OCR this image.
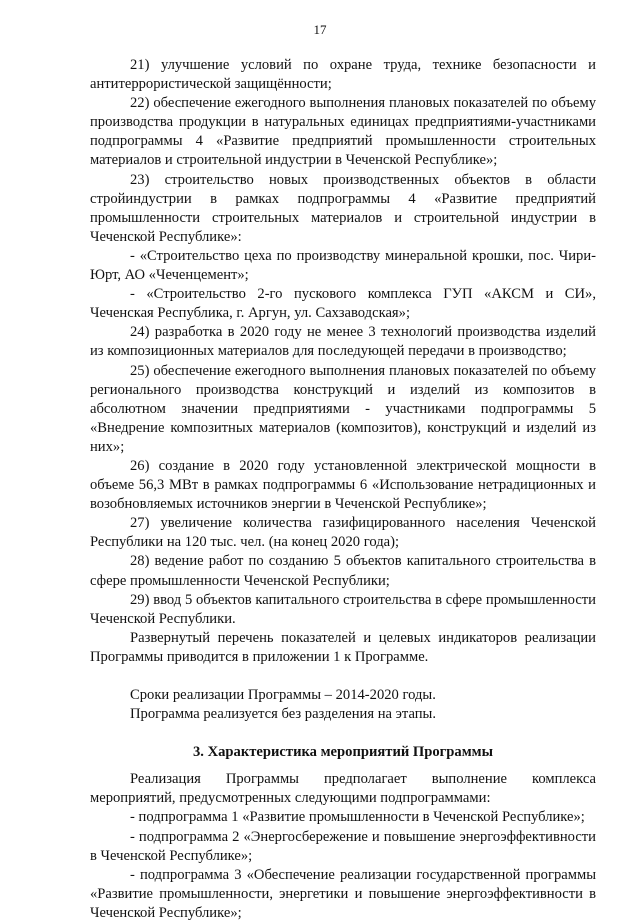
17

21) улучшение условий по охране труда, технике безопасности и антитеррористической защищённости;

22) обеспечение ежегодного выполнения плановых показателей по объему производства продукции в натуральных единицах предприятиями-участниками подпрограммы 4 «Развитие предприятий промышленности строительных материалов и строительной индустрии в Чеченской Республике»;

23) строительство новых производственных объектов в области стройиндустрии в рамках подпрограммы 4 «Развитие предприятий промышленности строительных материалов и строительной индустрии в Чеченской Республике»:

- «Строительство цеха по производству минеральной крошки, пос. Чири-Юрт, АО «Чеченцемент»;

- «Строительство 2-го пускового комплекса ГУП «АКСМ и СИ», Чеченская Республика, г. Аргун, ул. Сахзаводская»;

24) разработка в 2020 году не менее 3 технологий производства изделий из композиционных материалов для последующей передачи в производство;

25) обеспечение ежегодного выполнения плановых показателей по объему регионального производства конструкций и изделий из композитов в абсолютном значении предприятиями - участниками подпрограммы 5 «Внедрение композитных материалов (композитов), конструкций и изделий из них»;

26) создание в 2020 году установленной электрической мощности в объеме 56,3 МВт в рамках подпрограммы 6 «Использование нетрадиционных и возобновляемых источников энергии в Чеченской Республике»;

27) увеличение количества газифицированного населения Чеченской Республики на 120 тыс. чел. (на конец 2020 года);

28) ведение работ по созданию 5 объектов капитального строительства в сфере промышленности Чеченской Республики;

29) ввод 5 объектов капитального строительства в сфере промышленности Чеченской Республики.

Развернутый перечень показателей и целевых индикаторов реализации Программы приводится в приложении 1 к Программе.

Сроки реализации Программы – 2014-2020 годы.

Программа реализуется без разделения на этапы.

3. Характеристика мероприятий Программы

Реализация Программы предполагает выполнение комплекса мероприятий, предусмотренных следующими подпрограммами:

- подпрограмма 1 «Развитие промышленности в Чеченской Республике»;

- подпрограмма 2 «Энергосбережение и повышение энергоэффективности в Чеченской Республике»;

- подпрограмма 3 «Обеспечение реализации государственной программы «Развитие промышленности, энергетики и повышение энергоэффективности в Чеченской Республике»;
